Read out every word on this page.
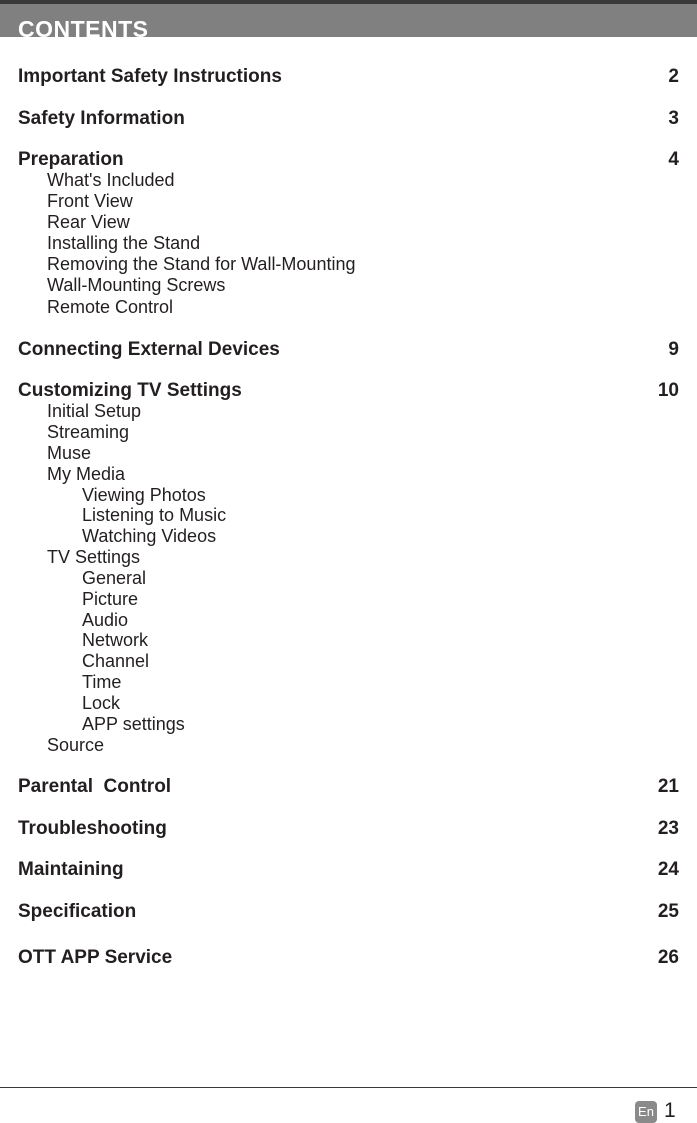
CONTENTS
Important Safety Instructions	2
Safety Information	3
Preparation	4
What's Included
Front View
Rear View
Installing the Stand
Removing the Stand for Wall-Mounting
Wall-Mounting Screws
Remote Control
Connecting External Devices	9
Customizing TV Settings	10
Initial Setup
Streaming
Muse
My Media
Viewing Photos
Listening to Music
Watching Videos
TV Settings
General
Picture
Audio
Network
Channel
Time
Lock
APP settings
Source
Parental  Control	21
Troubleshooting	23
Maintaining	24
Specification	25
OTT APP Service	26
En 1
